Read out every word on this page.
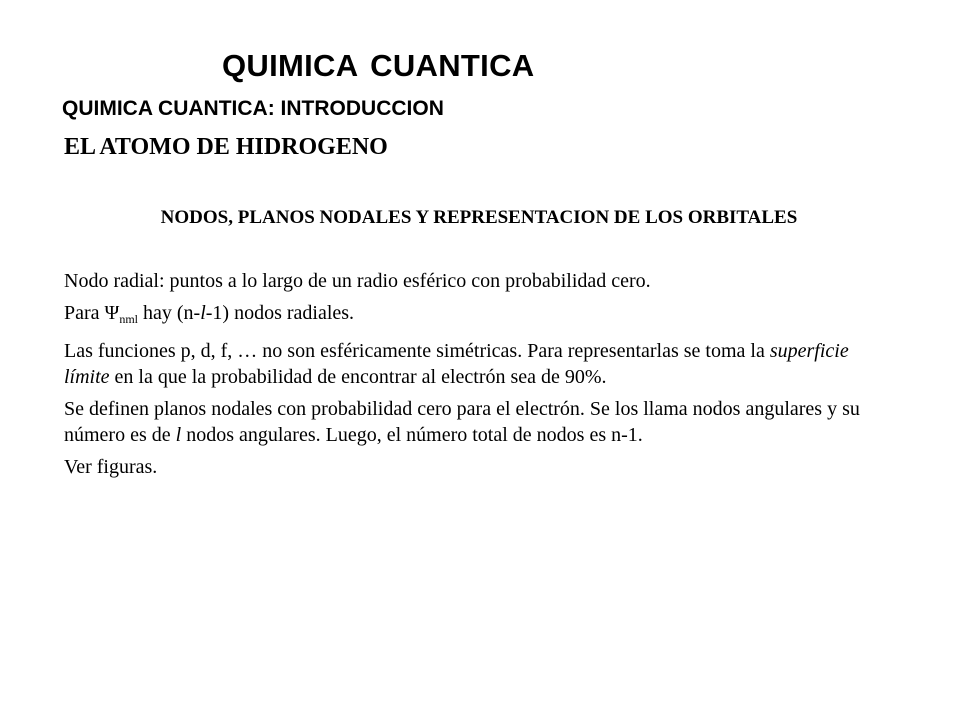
QUIMICA CUANTICA
QUIMICA CUANTICA: INTRODUCCION
EL ATOMO DE HIDROGENO
NODOS, PLANOS NODALES Y REPRESENTACION DE LOS ORBITALES

Nodo radial: puntos a lo largo de un radio esférico con probabilidad cero.

Para $\Psi_{nml}$ hay (n-l-1) nodos radiales.

Las funciones p, d, f, … no son esféricamente simétricas. Para representarlas se toma la superficie límite en la que la probabilidad de encontrar al electrón sea de 90%.

Se definen planos nodales con probabilidad cero para el electrón. Se los llama nodos angulares y su número es de l nodos angulares. Luego, el número total de nodos es n-1.

Ver figuras.
